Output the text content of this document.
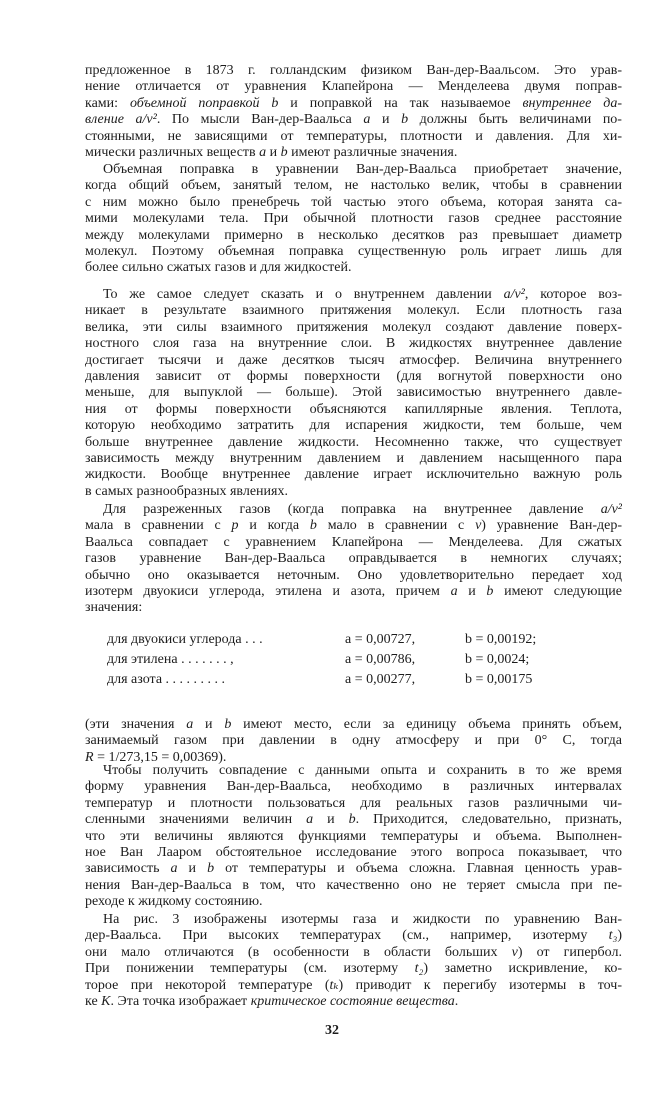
предложенное в 1873 г. голландским физиком Ван-дер-Ваальсом. Это урав-
нение отличается от уравнения Клапейрона — Менделеева двумя поправ-
ками: объемной поправкой b и поправкой на так называемое внутреннее да-
вление a/v². По мысли Ван-дер-Ваальса a и b должны быть величинами по-
стоянными, не зависящими от температуры, плотности и давления. Для хи-
мически различных веществ a и b имеют различные значения.
Объемная поправка в уравнении Ван-дер-Ваальса приобретает значение,
когда общий объем, занятый телом, не настолько велик, чтобы в сравнении
с ним можно было пренебречь той частью этого объема, которая занята са-
мими молекулами тела. При обычной плотности газов среднее расстояние
между молекулами примерно в несколько десятков раз превышает диаметр
молекул. Поэтому объемная поправка существенную роль играет лишь для
более сильно сжатых газов и для жидкостей.
То же самое следует сказать и о внутреннем давлении a/v², которое воз-
никает в результате взаимного притяжения молекул. Если плотность газа
велика, эти силы взаимного притяжения молекул создают давление поверх-
ностного слоя газа на внутренние слои. В жидкостях внутреннее давление
достигает тысячи и даже десятков тысяч атмосфер. Величина внутреннего
давления зависит от формы поверхности (для вогнутой поверхности оно
меньше, для выпуклой — больше). Этой зависимостью внутреннего давле-
ния от формы поверхности объясняются капиллярные явления. Теплота,
которую необходимо затратить для испарения жидкости, тем больше, чем
больше внутреннее давление жидкости. Несомненно также, что существует
зависимость между внутренним давлением и давлением насыщенного пара
жидкости. Вообще внутреннее давление играет исключительно важную роль
в самых разнообразных явлениях.
Для разреженных газов (когда поправка на внутреннее давление a/v²
мала в сравнении с p и когда b мало в сравнении с v) уравнение Ван-дер-
Ваальса совпадает с уравнением Клапейрона — Менделеева. Для сжатых
газов уравнение Ван-дер-Ваальса оправдывается в немногих случаях;
обычно оно оказывается неточным. Оно удовлетворительно передает ход
изотерм двуокиси углерода, этилена и азота, причем a и b имеют следующие
значения:
(эти значения a и b имеют место, если за единицу объема принять объем,
занимаемый газом при давлении в одну атмосферу и при 0° С, тогда
R = 1/273,15 = 0,00369).
Чтобы получить совпадение с данными опыта и сохранить в то же время
форму уравнения Ван-дер-Ваальса, необходимо в различных интервалах
температур и плотности пользоваться для реальных газов различными чи-
сленными значениями величин a и b. Приходится, следовательно, признать,
что эти величины являются функциями температуры и объема. Выполнен-
ное Ван Лааром обстоятельное исследование этого вопроса показывает, что
зависимость a и b от температуры и объема сложна. Главная ценность урав-
нения Ван-дер-Ваальса в том, что качественно оно не теряет смысла при пе-
реходе к жидкому состоянию.
На рис. 3 изображены изотермы газа и жидкости по уравнению Ван-
дер-Ваальса. При высоких температурах (см., например, изотерму t₃)
они мало отличаются (в особенности в области больших v) от гипербол.
При понижении температуры (см. изотерму t₂) заметно искривление, ко-
торое при некоторой температуре (tₖ) приводит к перегибу изотермы в точ-
ке K. Эта точка изображает критическое состояние вещества.
для двуокиси углерода . . .	a = 0,00727,	b = 0,00192;
для этилена . . . . . . . ,	a = 0,00786,	b = 0,0024;
для азота . . . . . . . . .	a = 0,00277,	b = 0,00175
32
